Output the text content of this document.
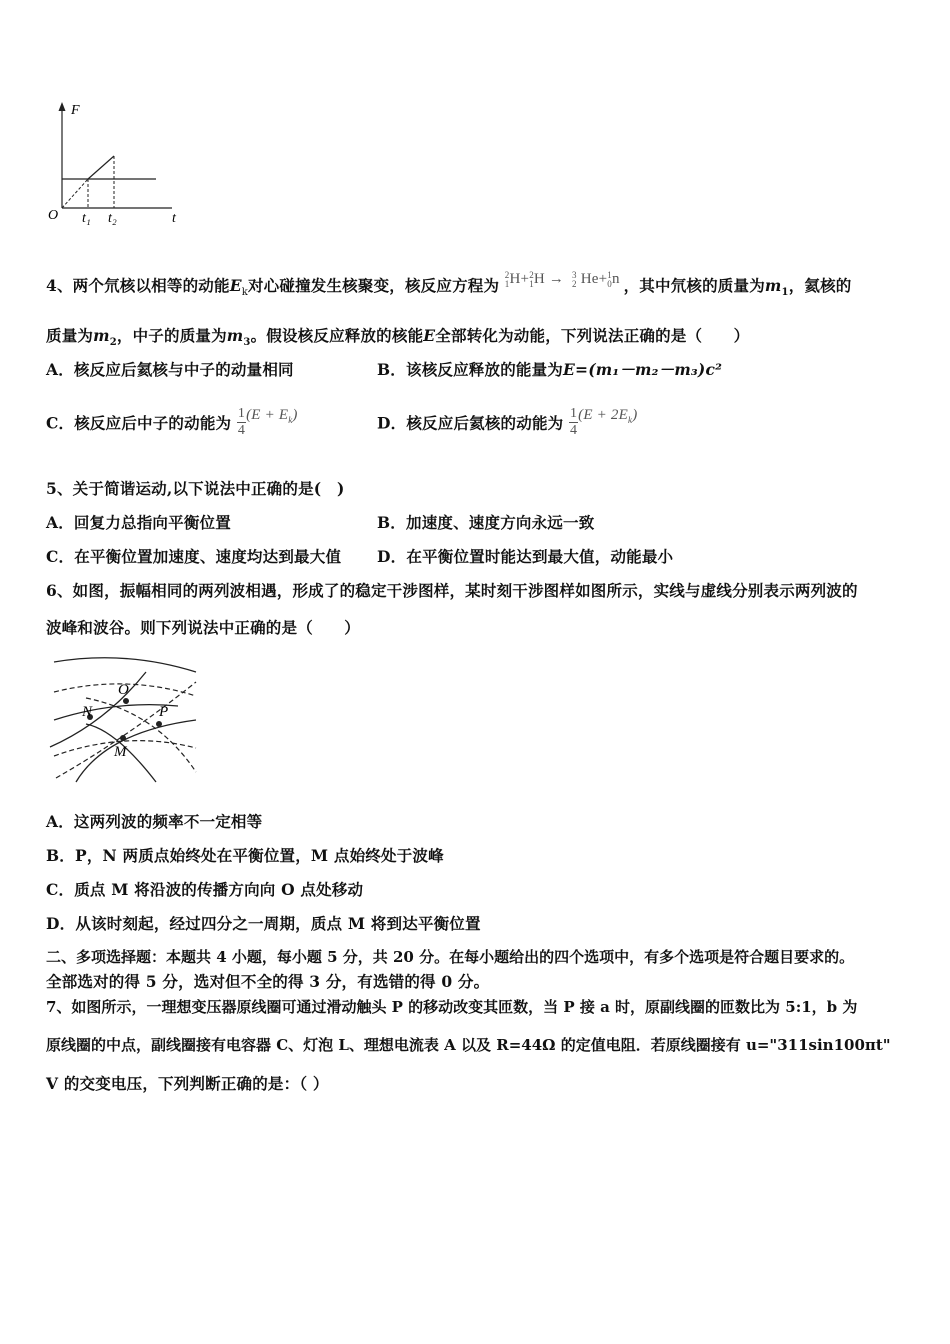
F
t
O t₁ t₂
4、两个氘核以相等的动能$E_k$对心碰撞发生核聚变，核反应方程为
2
1 H+ 2
1 H → 3
2 He+ 1
0 n ，其中氘核的质量为$m_1$，氦核的
质量为$m_2$，中子的质量为$m_3$。假设核反应释放的核能E全部转化为动能，下列说法正确的是（　　）
A．核反应后氦核与中子的动量相同	B．该核反应释放的能量为E=(m₁－m₂－m₃)c²
C．核反应后中子的动能为 $\frac{1}{4} (E + E_k)$	D．核反应后氦核的动能为 $\frac{1}{4} (E + 2E_k)$
5、关于简谐运动,以下说法中正确的是(　)
A．回复力总指向平衡位置	B．加速度、速度方向永远一致
C．在平衡位置加速度、速度均达到最大值 D．在平衡位置时能达到最大值，动能最小
6、如图，振幅相同的两列波相遇，形成了的稳定干涉图样，某时刻干涉图样如图所示，实线与虚线分别表示两列波的
波峰和波谷。则下列说法中正确的是（　　）
O
N	P
M
A．这两列波的频率不一定相等
B．P，N 两质点始终处在平衡位置，M 点始终处于波峰
C．质点 M 将沿波的传播方向向 O 点处移动
D．从该时刻起，经过四分之一周期，质点 M 将到达平衡位置
二、多项选择题：本题共 4 小题，每小题 5 分，共 20 分。在每小题给出的四个选项中，有多个选项是符合题目要求的。
全部选对的得 5 分，选对但不全的得 3 分，有选错的得 0 分。
7、如图所示，一理想变压器原线圈可通过滑动触头 P 的移动改变其匝数，当 P 接 a 时，原副线圈的匝数比为 5:1，b 为
原线圈的中点，副线圈接有电容器 C、灯泡 L、理想电流表 A 以及 R=44Ω 的定值电阻．若原线圈接有 u="311sin100πt"
V 的交变电压，下列判断正确的是：（ ）
